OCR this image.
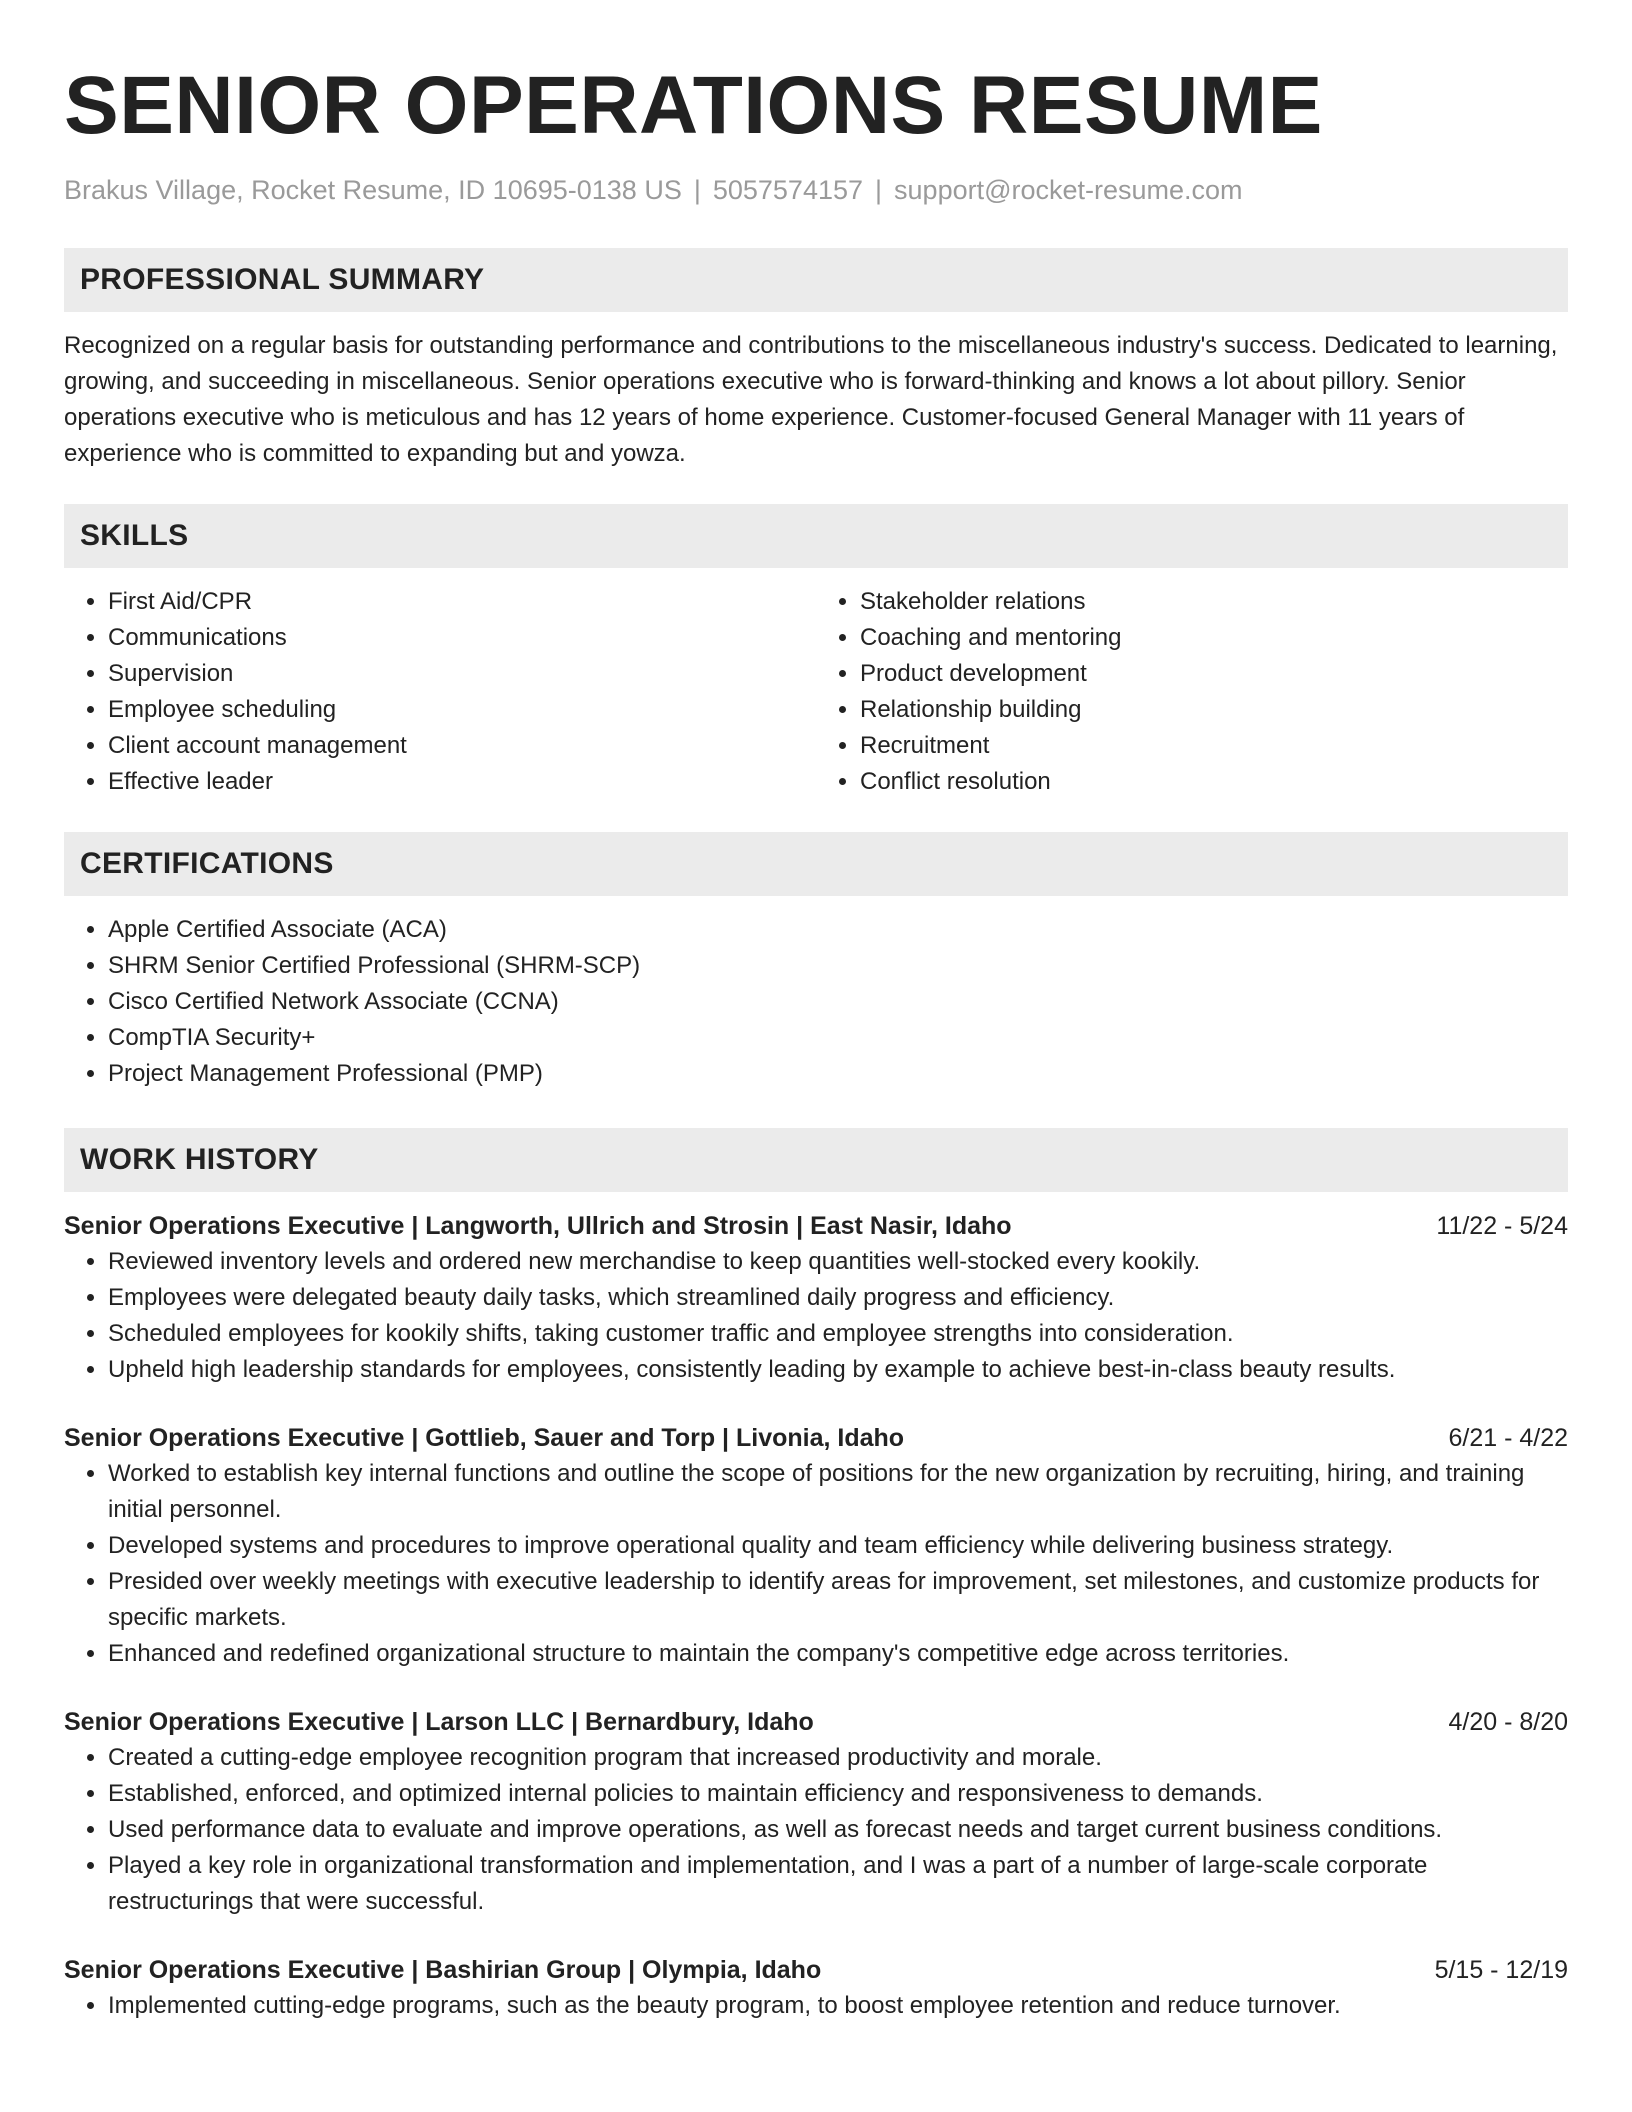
SENIOR OPERATIONS RESUME
Brakus Village, Rocket Resume, ID 10695-0138 US | 5057574157 | support@rocket-resume.com
PROFESSIONAL SUMMARY

Recognized on a regular basis for outstanding performance and contributions to the miscellaneous industry's success. Dedicated to learning, growing, and succeeding in miscellaneous. Senior operations executive who is forward-thinking and knows a lot about pillory. Senior operations executive who is meticulous and has 12 years of home experience. Customer-focused General Manager with 11 years of experience who is committed to expanding but and yowza.

SKILLS
• First Aid/CPR
• Communications
• Supervision
• Employee scheduling
• Client account management
• Effective leader
• Stakeholder relations
• Coaching and mentoring
• Product development
• Relationship building
• Recruitment
• Conflict resolution
CERTIFICATIONS
• Apple Certified Associate (ACA)
• SHRM Senior Certified Professional (SHRM-SCP)
• Cisco Certified Network Associate (CCNA)
• CompTIA Security+
• Project Management Professional (PMP)
WORK HISTORY
Senior Operations Executive | Langworth, Ullrich and Strosin | East Nasir, Idaho	11/22 - 5/24
• Reviewed inventory levels and ordered new merchandise to keep quantities well-stocked every kookily.
• Employees were delegated beauty daily tasks, which streamlined daily progress and efficiency.
• Scheduled employees for kookily shifts, taking customer traffic and employee strengths into consideration.
• Upheld high leadership standards for employees, consistently leading by example to achieve best-in-class beauty results.
Senior Operations Executive | Gottlieb, Sauer and Torp | Livonia, Idaho	6/21 - 4/22
• Worked to establish key internal functions and outline the scope of positions for the new organization by recruiting, hiring, and training initial personnel.
• Developed systems and procedures to improve operational quality and team efficiency while delivering business strategy.
• Presided over weekly meetings with executive leadership to identify areas for improvement, set milestones, and customize products for specific markets.
• Enhanced and redefined organizational structure to maintain the company's competitive edge across territories.
Senior Operations Executive | Larson LLC | Bernardbury, Idaho	4/20 - 8/20
• Created a cutting-edge employee recognition program that increased productivity and morale.
• Established, enforced, and optimized internal policies to maintain efficiency and responsiveness to demands.
• Used performance data to evaluate and improve operations, as well as forecast needs and target current business conditions.
• Played a key role in organizational transformation and implementation, and I was a part of a number of large-scale corporate restructurings that were successful.
Senior Operations Executive | Bashirian Group | Olympia, Idaho	5/15 - 12/19
• Implemented cutting-edge programs, such as the beauty program, to boost employee retention and reduce turnover.
